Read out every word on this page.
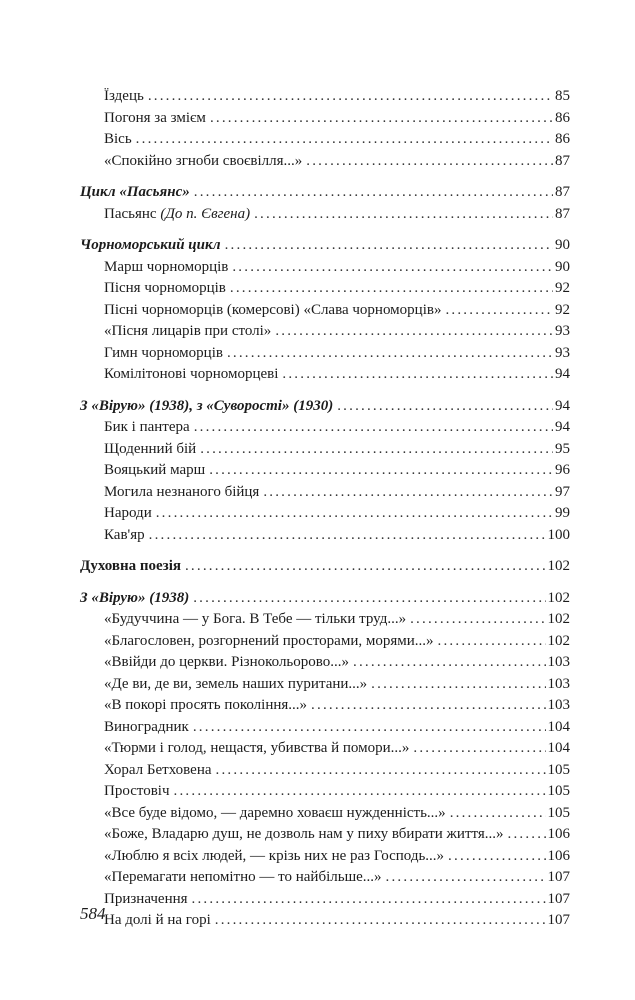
Їздець .....	85
Погоня за змієм .....	86
Вісь .....	86
«Спокійно згноби своєвілля...» .....	87
Цикл «Пасьянс» .....	87
Пасьянс (До п. Євгена) .....	87
Чорноморський цикл .....	90
Марш чорноморців .....	90
Пісня чорноморців .....	92
Пісні чорноморців (комерсові) «Слава чорноморців» .....	92
«Пісня лицарів при столі» .....	93
Гимн чорноморців .....	93
Комілітонові чорноморцеві .....	94
З «Вірую» (1938), з «Суворості» (1930) .....	94
Бик і пантера .....	94
Щоденний бій .....	95
Вояцький марш .....	96
Могила незнаного бійця .....	97
Народи .....	99
Кав'яр .....	100
Духовна поезія .....	102
З «Вірую» (1938) .....	102
«Будуччина — у Бога. В Тебе — тільки труд...» .....	102
«Благословен, розгорнений просторами, морями...» .....	102
«Ввійди до церкви. Різнокольорово...» .....	103
«Де ви, де ви, земель наших пуритани...» .....	103
«В покорі просять покоління...» .....	103
Виноградник .....	104
«Тюрми і голод, нещастя, убивства й помори...» .....	104
Хорал Бетховена .....	105
Простовіч .....	105
«Все буде відомо, — даремно ховаєш нужденність...» .....	105
«Боже, Владарю душ, не дозволь нам у пиху вбирати життя...» .....	106
«Люблю я всіх людей, — крізь них не раз Господь...» .....	106
«Перемагати непомітно — то найбільше...» .....	107
Призначення .....	107
На долі й на горі .....	107
584
